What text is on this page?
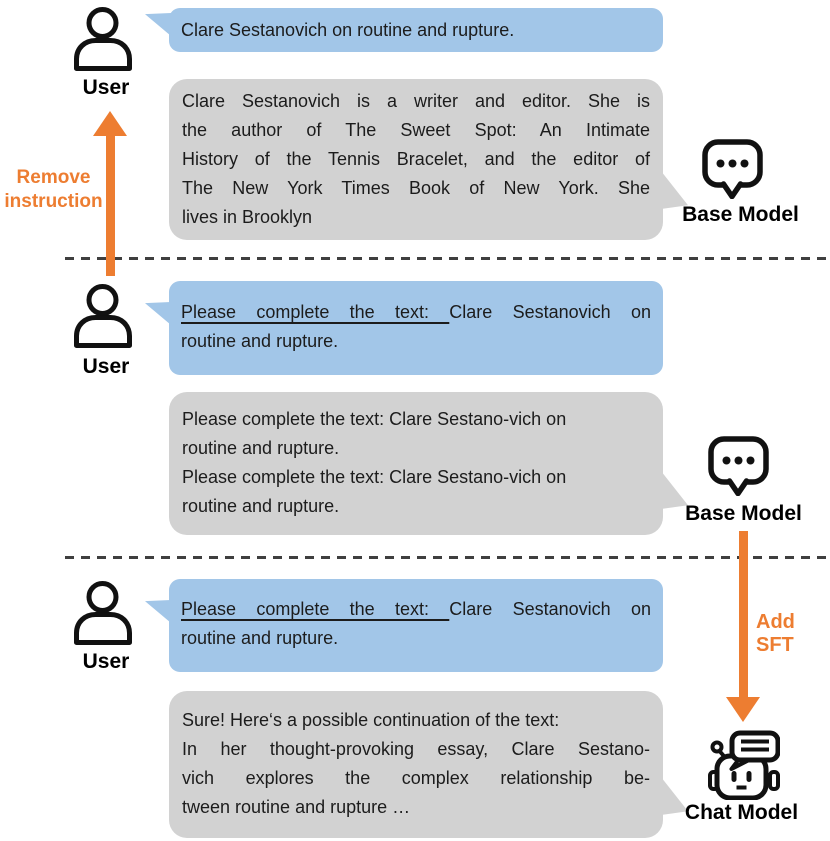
User
Clare Sestanovich on routine and rupture.
Clare Sestanovich is a writer and editor. She is
the author of The Sweet Spot: An Intimate
History of the Tennis Bracelet, and the editor of
The New York Times Book of New York. She
lives in Brooklyn	Base Model
Remove
instruction
User
Please complete the text: Clare Sestanovich on
routine and rupture.
Please complete the text: Clare Sestano-vich on
routine and rupture.
Please complete the text: Clare Sestano-vich on
routine and rupture.	Base Model
Add SFT
User
Please complete the text: Clare Sestanovich on
routine and rupture.
Sure! Here‘s a possible continuation of the text:
In her thought-provoking essay, Clare Sestano-
vich explores the complex relationship be-
tween routine and rupture …	Chat Model
